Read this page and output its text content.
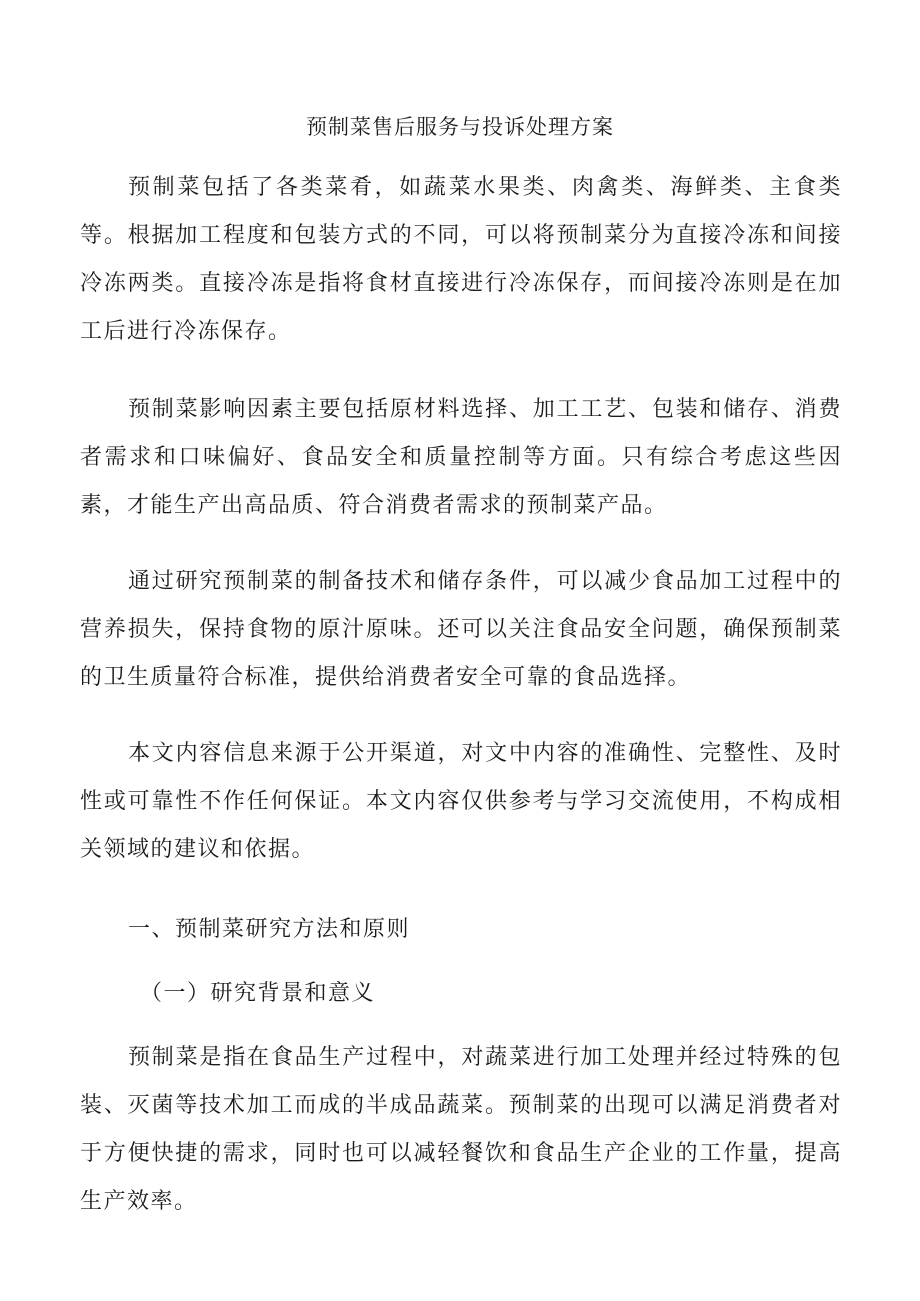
预制菜售后服务与投诉处理方案

预制菜包括了各类菜肴，如蔬菜水果类、肉禽类、海鲜类、主食类等。根据加工程度和包装方式的不同，可以将预制菜分为直接冷冻和间接冷冻两类。直接冷冻是指将食材直接进行冷冻保存，而间接冷冻则是在加工后进行冷冻保存。

预制菜影响因素主要包括原材料选择、加工工艺、包装和储存、消费者需求和口味偏好、食品安全和质量控制等方面。只有综合考虑这些因素，才能生产出高品质、符合消费者需求的预制菜产品。

通过研究预制菜的制备技术和储存条件，可以减少食品加工过程中的营养损失，保持食物的原汁原味。还可以关注食品安全问题，确保预制菜的卫生质量符合标准，提供给消费者安全可靠的食品选择。

本文内容信息来源于公开渠道，对文中内容的准确性、完整性、及时性或可靠性不作任何保证。本文内容仅供参考与学习交流使用，不构成相关领域的建议和依据。

一、预制菜研究方法和原则
（一）研究背景和意义

预制菜是指在食品生产过程中，对蔬菜进行加工处理并经过特殊的包装、灭菌等技术加工而成的半成品蔬菜。预制菜的出现可以满足消费者对于方便快捷的需求，同时也可以减轻餐饮和食品生产企业的工作量，提高生产效率。
